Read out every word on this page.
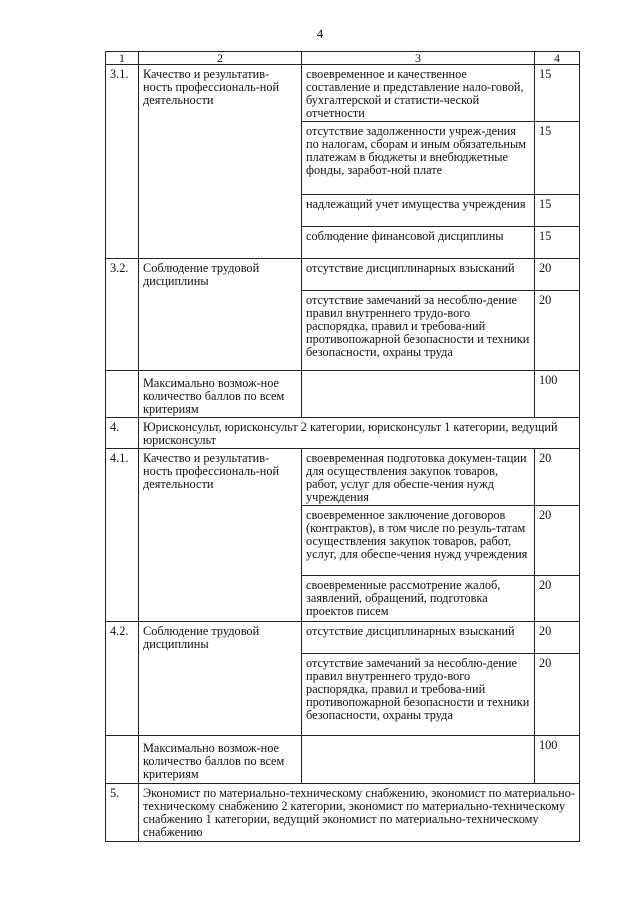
4
1	2	3	4
3.1.	Качество и результатив-ность профессиональ-ной деятельности	своевременное и качественное составление и представление нало-говой, бухгалтерской и статисти-ческой отчетности	15
		отсутствие задолженности учреж-дения по налогам, сборам и иным обязательным платежам в бюджеты и внебюджетные фонды, заработ-ной плате	15
		надлежащий учет имущества учреждения	15
		соблюдение финансовой дисциплины	15
3.2.	Соблюдение трудовой дисциплины	отсутствие дисциплинарных взысканий	20
		отсутствие замечаний за несоблю-дение правил внутреннего трудо-вого распорядка, правил и требова-ний противопожарной безопасности и техники безопасности, охраны труда	20
	Максимально возмож-ное количество баллов по всем критериям		100
4.	Юрисконсульт, юрисконсульт 2 категории, юрисконсульт 1 категории, ведущий юрисконсульт		
4.1.	Качество и результатив-ность профессиональ-ной деятельности	своевременная подготовка докумен-тации для осуществления закупок товаров, работ, услуг для обеспе-чения нужд учреждения	20
		своевременное заключение договоров (контрактов), в том числе по резуль-татам осуществления закупок товаров, работ, услуг, для обеспе-чения нужд учреждения	20
		своевременные рассмотрение жалоб, заявлений, обращений, подготовка проектов писем	20
4.2.	Соблюдение трудовой дисциплины	отсутствие дисциплинарных взысканий	20
		отсутствие замечаний за несоблю-дение правил внутреннего трудо-вого распорядка, правил и требова-ний противопожарной безопасности и техники безопасности, охраны труда	20
	Максимально возмож-ное количество баллов по всем критериям		100
5.	Экономист по материально-техническому снабжению, экономист по материально-техническому снабжению 2 категории, экономист по материально-техническому снабжению 1 категории, ведущий экономист по материально-техническому снабжению		
